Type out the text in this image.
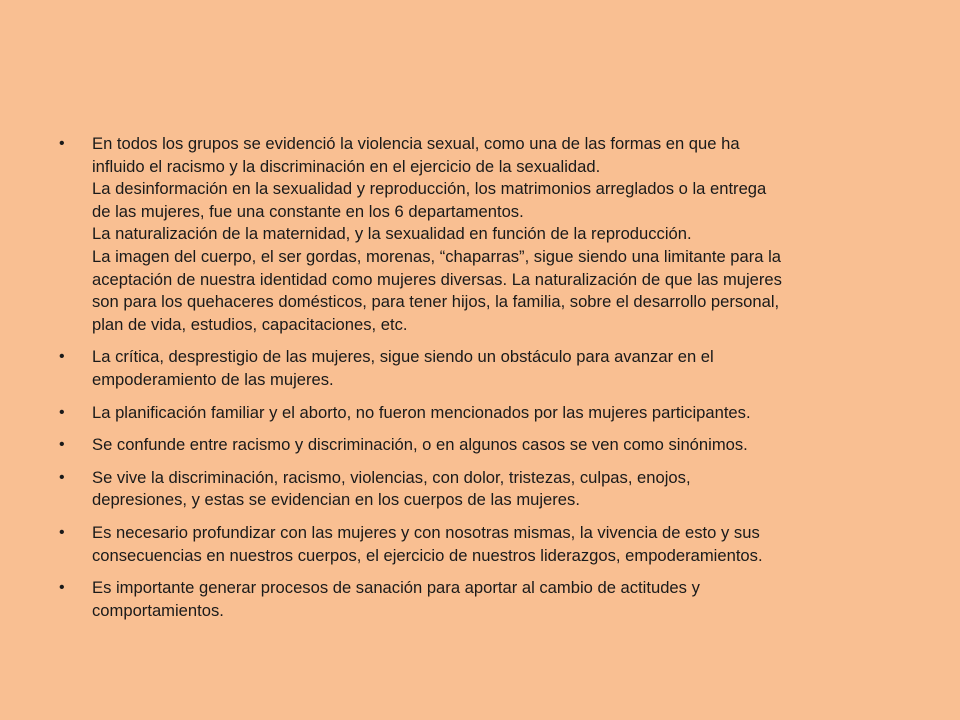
• En todos los grupos se evidenció la violencia sexual, como una de las formas en que ha
influido el racismo y la discriminación en el ejercicio de la sexualidad.
La desinformación en la sexualidad y reproducción, los matrimonios arreglados o la entrega
de las mujeres, fue una constante en los 6 departamentos.
La naturalización de la maternidad, y la sexualidad en función de la reproducción.
La imagen del cuerpo, el ser gordas, morenas, “chaparras”, sigue siendo una limitante para la
aceptación de nuestra identidad como mujeres diversas. La naturalización de que las mujeres
son para los quehaceres domésticos, para tener hijos, la familia, sobre el desarrollo personal,
plan de vida, estudios, capacitaciones, etc.
• La crítica, desprestigio de las mujeres, sigue siendo un obstáculo para avanzar en el
empoderamiento de las mujeres.
• La planificación familiar y el aborto, no fueron mencionados por las mujeres participantes.
• Se confunde entre racismo y discriminación, o en algunos casos se ven como sinónimos.
• Se vive la discriminación, racismo, violencias, con dolor, tristezas, culpas, enojos,
depresiones, y estas se evidencian en los cuerpos de las mujeres.
• Es necesario profundizar con las mujeres y con nosotras mismas, la vivencia de esto y sus
consecuencias en nuestros cuerpos, el ejercicio de nuestros liderazgos, empoderamientos.
• Es importante generar procesos de sanación para aportar al cambio de actitudes y
comportamientos.
